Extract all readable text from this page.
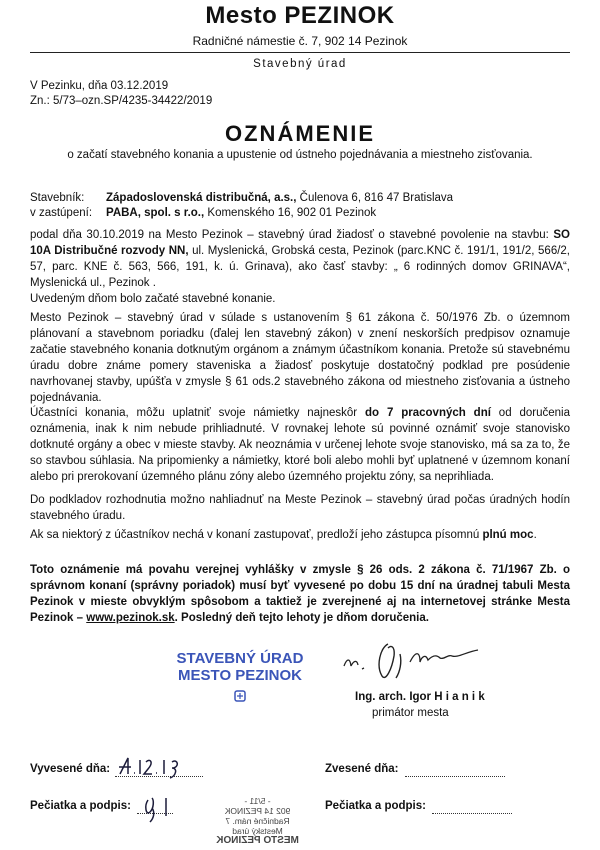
Mesto PEZINOK
Radničné námestie č. 7, 902 14 Pezinok
Stavebný úrad
V Pezinku, dňa 03.12.2019
Zn.: 5/73–ozn.SP/4235-34422/2019
OZNÁMENIE
o začatí stavebného konania a upustenie od ústneho pojednávania a miestneho zisťovania.
Stavebník: Západoslovenská distribučná, a.s., Čulenova 6, 816 47 Bratislava
v zastúpení: PABA, spol. s r.o., Komenského 16, 902 01 Pezinok
podal dňa 30.10.2019 na Mesto Pezinok – stavebný úrad žiadosť o stavebné povolenie na stavbu: SO 10A Distribučné rozvody NN, ul. Myslenická, Grobská cesta, Pezinok (parc.KNC č. 191/1, 191/2, 566/2, 57, parc. KNE č. 563, 566, 191, k. ú. Grinava), ako časť stavby: „ 6 rodinných domov GRINAVA“, Myslenická ul., Pezinok .
Uvedeným dňom bolo začaté stavebné konanie.
Mesto Pezinok – stavebný úrad v súlade s ustanovením § 61 zákona č. 50/1976 Zb. o územnom plánovaní a stavebnom poriadku (ďalej len stavebný zákon) v znení neskorších predpisov oznamuje začatie stavebného konania dotknutým orgánom a známym účastníkom konania. Pretože sú stavebnému úradu dobre známe pomery staveniska a žiadosť poskytuje dostatočný podklad pre posúdenie navrhovanej stavby, upúšťa v zmysle § 61 ods.2 stavebného zákona od miestneho zisťovania a ústneho pojednávania.
Účastníci konania, môžu uplatniť svoje námietky najneskôr do 7 pracovných dní od doručenia oznámenia, inak k nim nebude prihliadnuté. V rovnakej lehote sú povinné oznámiť svoje stanovisko dotknuté orgány a obec v mieste stavby. Ak neoznámia v určenej lehote svoje stanovisko, má sa za to, že so stavbou súhlasia. Na pripomienky a námietky, ktoré boli alebo mohli byť uplatnené v územnom konaní alebo pri prerokovaní územného plánu zóny alebo územného projektu zóny, sa neprihliada.
Do podkladov rozhodnutia možno nahliadnuť na Meste Pezinok – stavebný úrad počas úradných hodín stavebného úradu.
Ak sa niektorý z účastníkov nechá v konaní zastupovať, predloží jeho zástupca písomnú plnú moc.
Toto oznámenie má povahu verejnej vyhlášky v zmysle § 26 ods. 2 zákona č. 71/1967 Zb. o správnom konaní (správny poriadok) musí byť vyvesené po dobu 15 dní na úradnej tabuli Mesta Pezinok v mieste obvyklým spôsobom a taktiež je zverejnené aj na internetovej stránke Mesta Pezinok – www.pezinok.sk. Posledný deň tejto lehoty je dňom doručenia.
STAVEBNÝ ÚRAD
MESTO PEZINOK
Ing. arch. Igor H i a n i k
primátor mesta
Vyvesené dňa:	Zvesené dňa:
Pečiatka a podpis:	- 5/11 -
902 14 PEZINOK
Radničné nám. 7
Mestský úrad
MESTO PEZINOK
Pečiatka a podpis:
